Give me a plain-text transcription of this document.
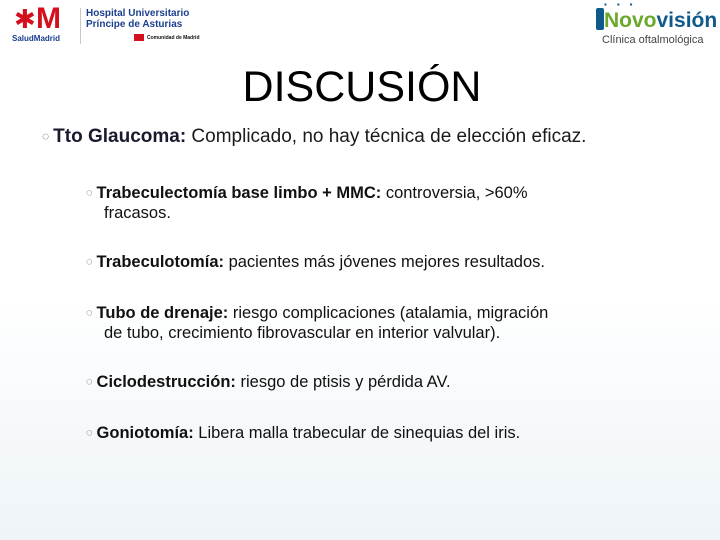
✱ M
SaludMadrid
Hospital Universitario
Príncipe de Asturias
Comunidad de Madrid
▪▪▪
Novovisión
Clínica oftalmológica
DISCUSIÓN
◌ Tto Glaucoma: Complicado, no hay técnica de elección eficaz.
◌ Trabeculectomía base limbo + MMC: controversia, >60%
fracasos.
◌ Trabeculotomía: pacientes más jóvenes mejores resultados.
◌ Tubo de drenaje: riesgo complicaciones (atalamia, migración
de tubo, crecimiento fibrovascular en interior valvular).
◌ Ciclodestrucción: riesgo de ptisis y pérdida AV.
◌ Goniotomía: Libera malla trabecular de sinequias del iris.
